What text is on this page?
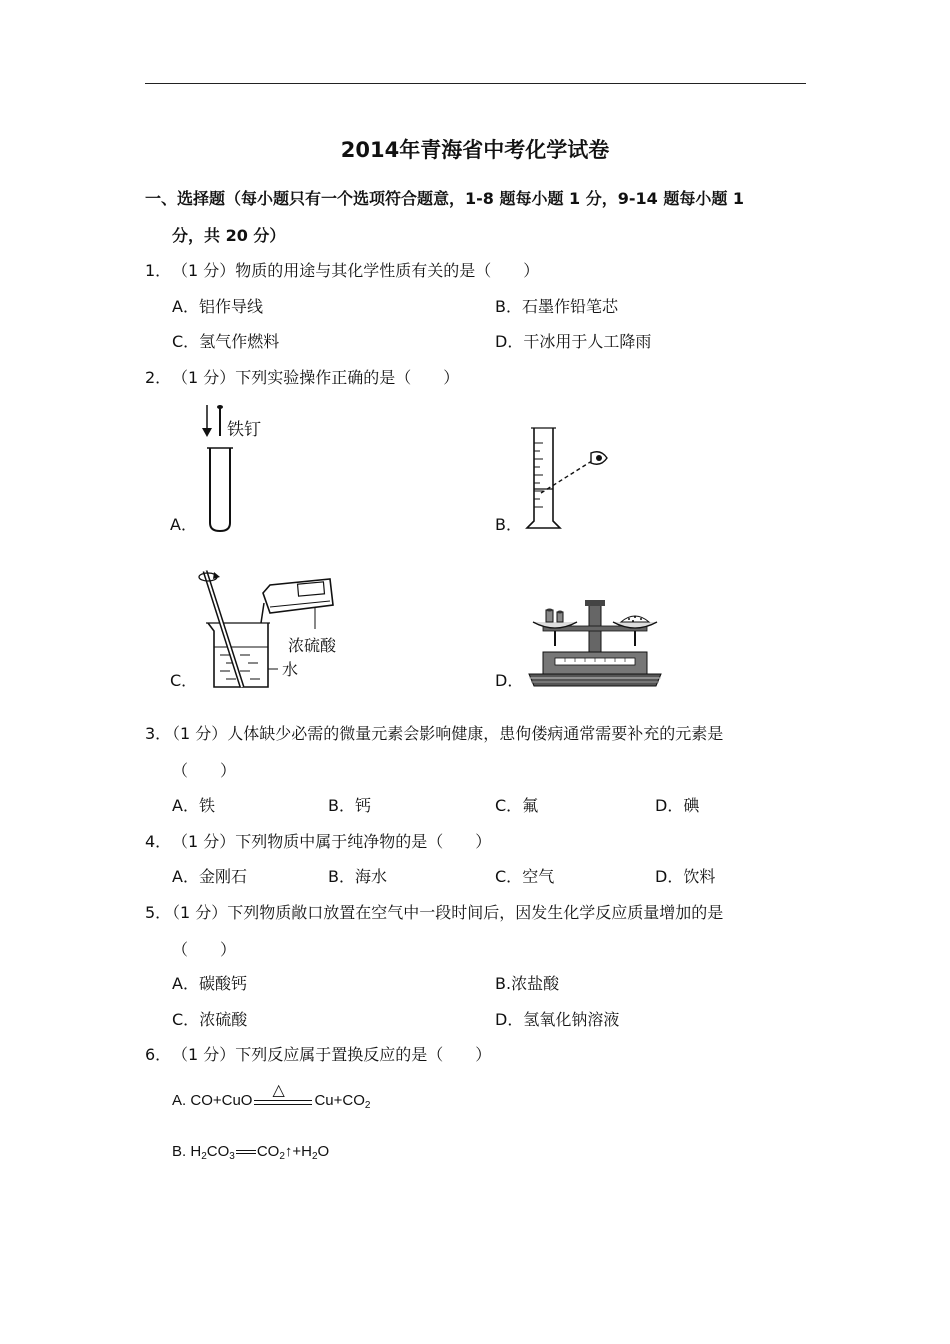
2014年青海省中考化学试卷
一、选择题（每小题只有一个选项符合题意，1-8 题每小题 1 分，9-14 题每小题 1
分，共 20 分）
1． （1 分）物质的用途与其化学性质有关的是（　　）
A．铝作导线	B．石墨作铅笔芯
C．氢气作燃料	D．干冰用于人工降雨
2． （1 分）下列实验操作正确的是（　　）
A．
铁钉
B．
C．
浓硫酸
水
D．
3．
（1 分）人体缺少必需的微量元素会影响健康，患佝偻病通常需要补充的元素是
（　　）
A．铁	B．钙	C．氟	D．碘
4． （1 分）下列物质中属于纯净物的是（　　）
A．金刚石	B．海水	C．空气	D．饮料
5．
（1 分）下列物质敞口放置在空气中一段时间后，因发生化学反应质量增加的是
（　　）
A．碳酸钙	B.浓盐酸
C．浓硫酸	D．氢氧化钠溶液
6． （1 分）下列反应属于置换反应的是（　　）
A. CO+CuO
△
$Cu+CO_2$
B. $H_2CO_3$ $CO_2↑+H_2O$
